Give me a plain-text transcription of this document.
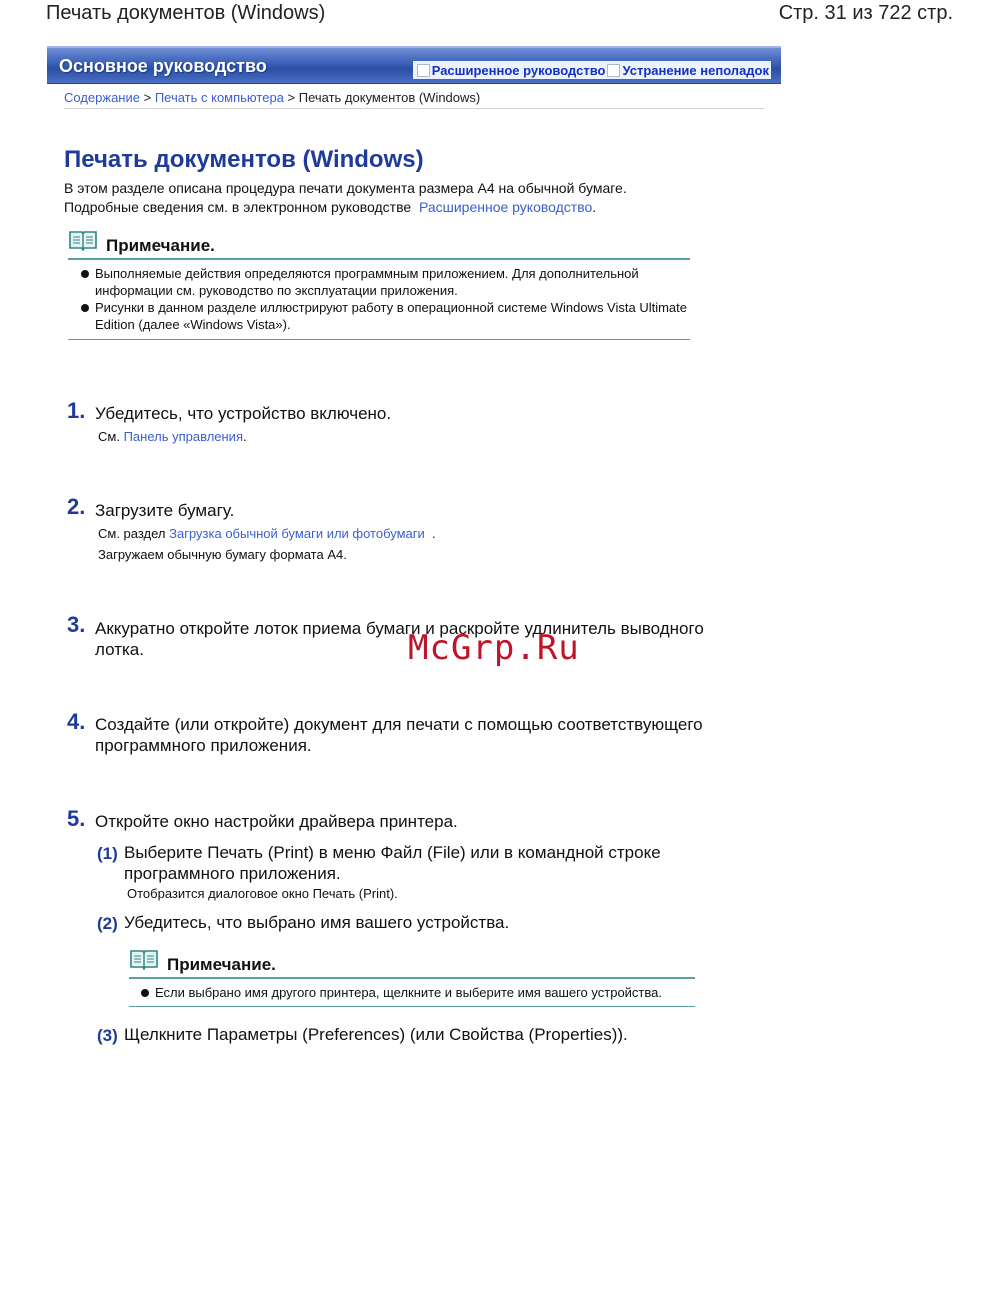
Печать документов (Windows)	Стр. 31 из 722 стр.
Основное руководство	Расширенное руководство Устранение неполадок
Содержание > Печать с компьютера > Печать документов (Windows)
Печать документов (Windows)
В этом разделе описана процедура печати документа размера А4 на обычной бумаге.
Подробные сведения см. в электронном руководстве Расширенное руководство.
Примечание.
Выполняемые действия определяются программным приложением. Для дополнительной информации см. руководство по эксплуатации приложения.
Рисунки в данном разделе иллюстрируют работу в операционной системе Windows Vista Ultimate Edition (далее «Windows Vista»).
1. Убедитесь, что устройство включено.
См. Панель управления.
2. Загрузите бумагу.
См. раздел Загрузка обычной бумаги или фотобумаги .
Загружаем обычную бумагу формата A4.
3. Аккуратно откройте лоток приема бумаги и раскройте удлинитель выводного лотка.
4. Создайте (или откройте) документ для печати с помощью соответствующего программного приложения.
5. Откройте окно настройки драйвера принтера.
(1) Выберите Печать (Print) в меню Файл (File) или в командной строке программного приложения.
Отобразится диалоговое окно Печать (Print).
(2) Убедитесь, что выбрано имя вашего устройства.
Примечание.
Если выбрано имя другого принтера, щелкните и выберите имя вашего устройства.
(3) Щелкните Параметры (Preferences) (или Свойства (Properties)).
McGrp.Ru
